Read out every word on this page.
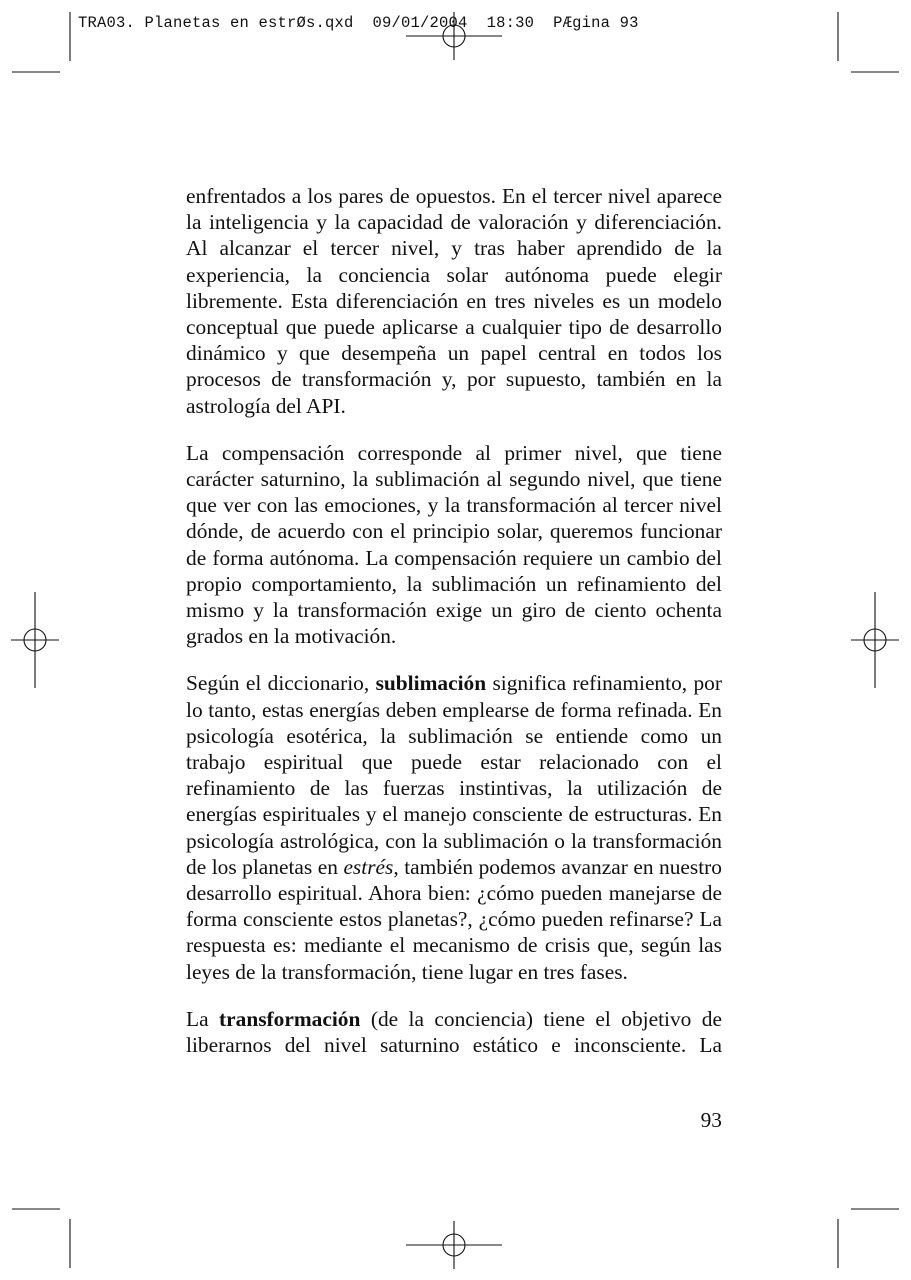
TRA03. Planetas en estrØs.qxd  09/01/2004  18:30  PÆgina 93

enfrentados a los pares de opuestos. En el tercer nivel aparece la inteligencia y la capacidad de valoración y diferenciación. Al alcanzar el tercer nivel, y tras haber aprendido de la experiencia, la conciencia solar autónoma puede elegir libremente. Esta diferenciación en tres niveles es un modelo conceptual que puede aplicarse a cualquier tipo de desarrollo dinámico y que desempeña un papel central en todos los procesos de transformación y, por supuesto, también en la astrología del API.

La compensación corresponde al primer nivel, que tiene carácter saturnino, la sublimación al segundo nivel, que tiene que ver con las emociones, y la transformación al tercer nivel dónde, de acuerdo con el principio solar, queremos funcionar de forma autónoma. La compensación requiere un cambio del propio comportamiento, la sublimación un refinamiento del mismo y la transformación exige un giro de ciento ochenta grados en la motivación.

Según el diccionario, sublimación significa refinamiento, por lo tanto, estas energías deben emplearse de forma refinada. En psicología esotérica, la sublimación se entiende como un trabajo espiritual que puede estar relacionado con el refinamiento de las fuerzas instintivas, la utilización de energías espirituales y el manejo consciente de estructuras. En psicología astrológica, con la sublimación o la transformación de los planetas en estrés, también podemos avanzar en nuestro desarrollo espiritual. Ahora bien: ¿cómo pueden manejarse de forma consciente estos planetas?, ¿cómo pueden refinarse? La respuesta es: mediante el mecanismo de crisis que, según las leyes de la transformación, tiene lugar en tres fases.

La transformación (de la conciencia) tiene el objetivo de liberarnos del nivel saturnino estático e inconsciente. La

93
